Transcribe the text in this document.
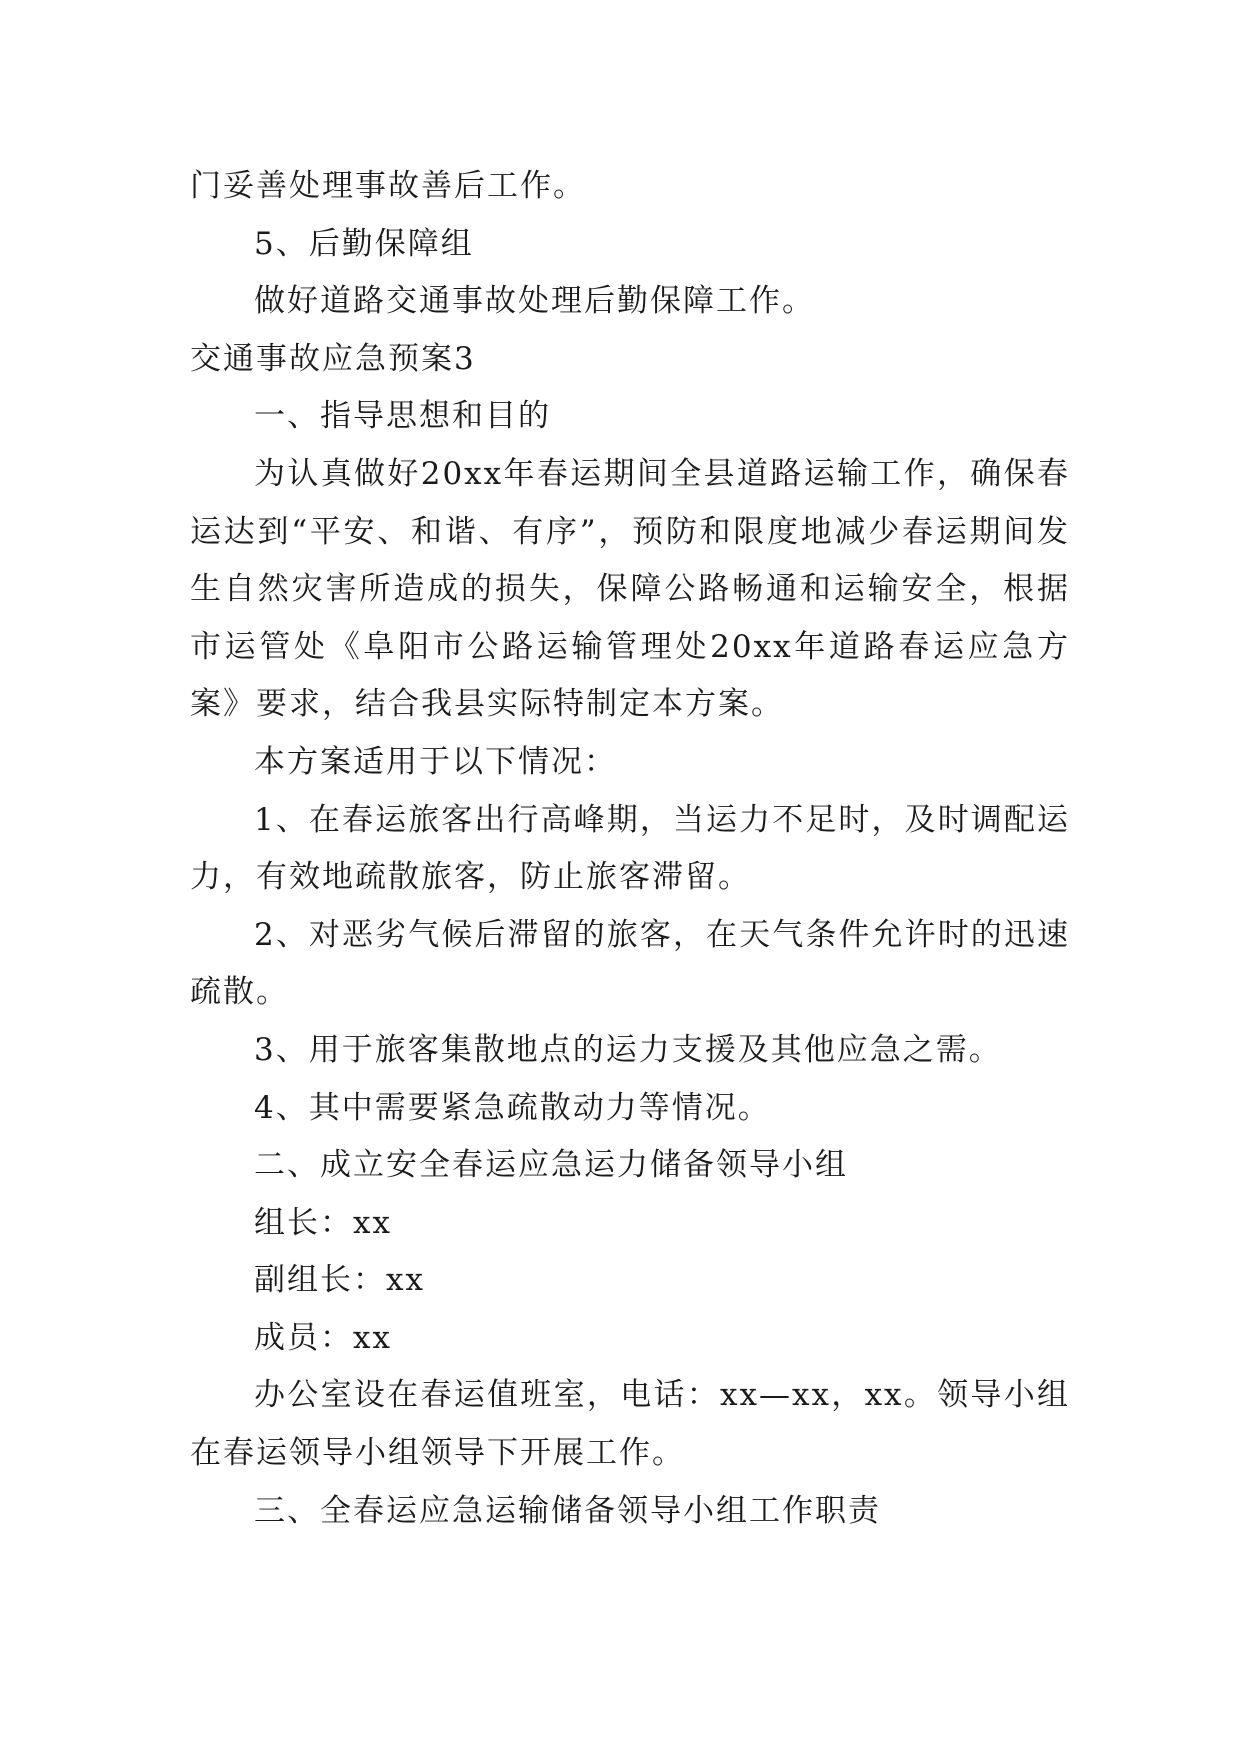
门妥善处理事故善后工作。

5、后勤保障组

做好道路交通事故处理后勤保障工作。

交通事故应急预案3

一、指导思想和目的

为认真做好20xx年春运期间全县道路运输工作，确保春运达到“平安、和谐、有序”，预防和限度地减少春运期间发生自然灾害所造成的损失，保障公路畅通和运输安全，根据市运管处《阜阳市公路运输管理处20xx年道路春运应急方案》要求，结合我县实际特制定本方案。

本方案适用于以下情况：

1、在春运旅客出行高峰期，当运力不足时，及时调配运力，有效地疏散旅客，防止旅客滞留。

2、对恶劣气候后滞留的旅客，在天气条件允许时的迅速疏散。

3、用于旅客集散地点的运力支援及其他应急之需。

4、其中需要紧急疏散动力等情况。

二、成立安全春运应急运力储备领导小组

组长：xx

副组长：xx

成员：xx

办公室设在春运值班室，电话：xx—xx，xx。领导小组在春运领导小组领导下开展工作。

三、全春运应急运输储备领导小组工作职责
